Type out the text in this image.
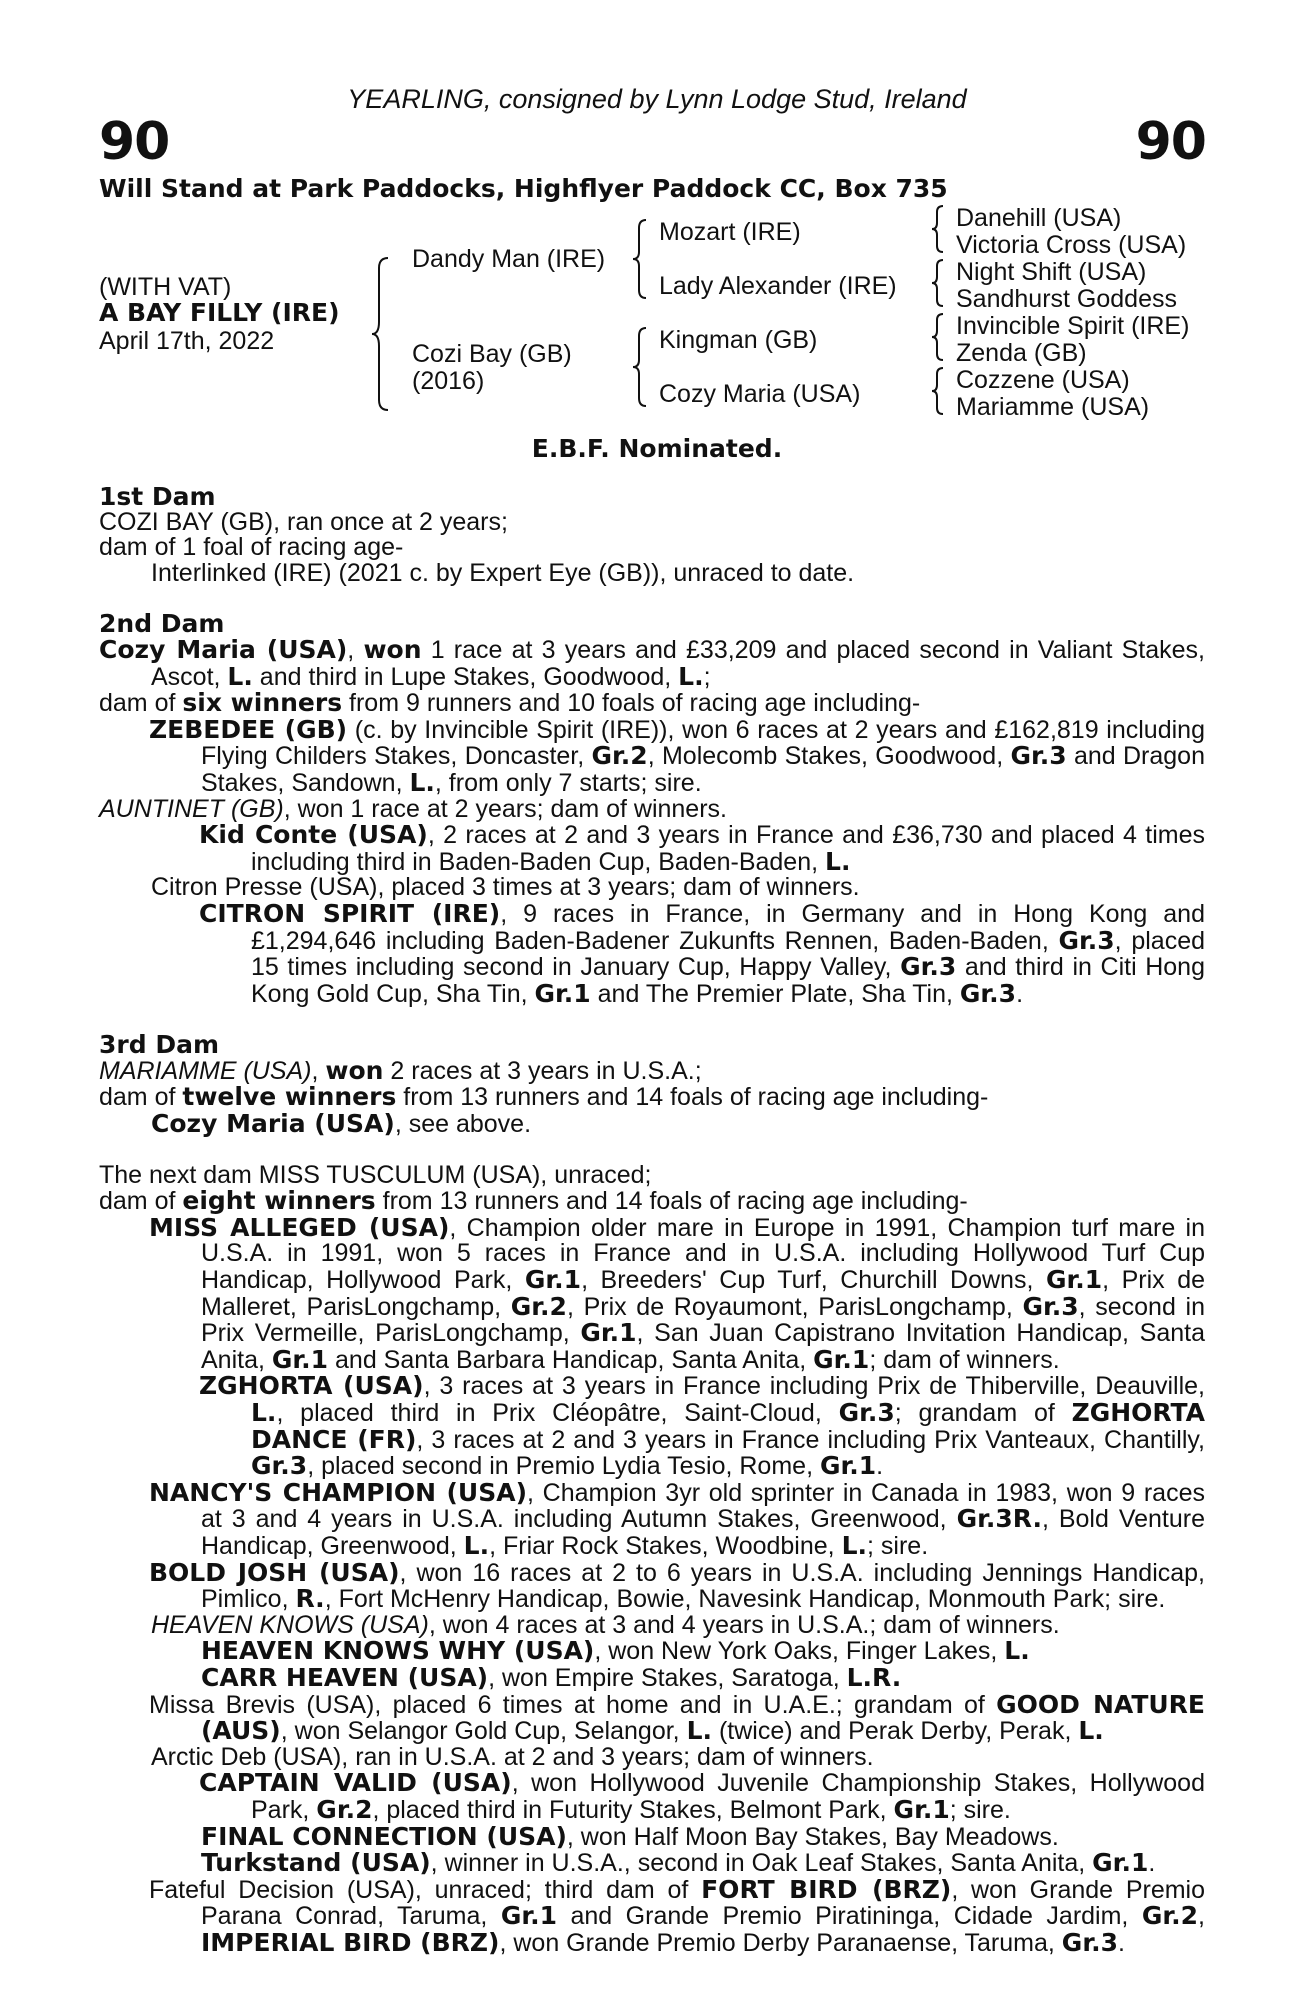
YEARLING, consigned by Lynn Lodge Stud, Ireland
90	90
Will Stand at Park Paddocks, Highflyer Paddock CC, Box 735
(WITH VAT)
A BAY FILLY (IRE)
April 17th, 2022
Dandy Man (IRE)
Cozi Bay (GB)
(2016)
Mozart (IRE)
Lady Alexander (IRE)
Kingman (GB)
Cozy Maria (USA)
Danehill (USA)
Victoria Cross (USA)
Night Shift (USA)
Sandhurst Goddess
Invincible Spirit (IRE)
Zenda (GB)
Cozzene (USA)
Mariamme (USA)
E.B.F. Nominated.
1st Dam
COZI BAY (GB), ran once at 2 years;
dam of 1 foal of racing age-
Interlinked (IRE) (2021 c. by Expert Eye (GB)), unraced to date.
2nd Dam
Cozy Maria (USA), won 1 race at 3 years and £33,209 and placed second in Valiant Stakes, Ascot, L. and third in Lupe Stakes, Goodwood, L.;
dam of six winners from 9 runners and 10 foals of racing age including-
ZEBEDEE (GB) (c. by Invincible Spirit (IRE)), won 6 races at 2 years and £162,819 including Flying Childers Stakes, Doncaster, Gr.2, Molecomb Stakes, Goodwood, Gr.3 and Dragon Stakes, Sandown, L., from only 7 starts; sire.
AUNTINET (GB), won 1 race at 2 years; dam of winners.
Kid Conte (USA), 2 races at 2 and 3 years in France and £36,730 and placed 4 times including third in Baden-Baden Cup, Baden-Baden, L.
Citron Presse (USA), placed 3 times at 3 years; dam of winners.
CITRON SPIRIT (IRE), 9 races in France, in Germany and in Hong Kong and £1,294,646 including Baden-Badener Zukunfts Rennen, Baden-Baden, Gr.3, placed 15 times including second in January Cup, Happy Valley, Gr.3 and third in Citi Hong Kong Gold Cup, Sha Tin, Gr.1 and The Premier Plate, Sha Tin, Gr.3.
3rd Dam
MARIAMME (USA), won 2 races at 3 years in U.S.A.;
dam of twelve winners from 13 runners and 14 foals of racing age including-
Cozy Maria (USA), see above.
The next dam MISS TUSCULUM (USA), unraced;
dam of eight winners from 13 runners and 14 foals of racing age including-
MISS ALLEGED (USA), Champion older mare in Europe in 1991, Champion turf mare in U.S.A. in 1991, won 5 races in France and in U.S.A. including Hollywood Turf Cup Handicap, Hollywood Park, Gr.1, Breeders' Cup Turf, Churchill Downs, Gr.1, Prix de Malleret, ParisLongchamp, Gr.2, Prix de Royaumont, ParisLongchamp, Gr.3, second in Prix Vermeille, ParisLongchamp, Gr.1, San Juan Capistrano Invitation Handicap, Santa Anita, Gr.1 and Santa Barbara Handicap, Santa Anita, Gr.1; dam of winners.
ZGHORTA (USA), 3 races at 3 years in France including Prix de Thiberville, Deauville, L., placed third in Prix Cléopâtre, Saint-Cloud, Gr.3; grandam of ZGHORTA DANCE (FR), 3 races at 2 and 3 years in France including Prix Vanteaux, Chantilly, Gr.3, placed second in Premio Lydia Tesio, Rome, Gr.1.
NANCY'S CHAMPION (USA), Champion 3yr old sprinter in Canada in 1983, won 9 races at 3 and 4 years in U.S.A. including Autumn Stakes, Greenwood, Gr.3R., Bold Venture Handicap, Greenwood, L., Friar Rock Stakes, Woodbine, L.; sire.
BOLD JOSH (USA), won 16 races at 2 to 6 years in U.S.A. including Jennings Handicap, Pimlico, R., Fort McHenry Handicap, Bowie, Navesink Handicap, Monmouth Park; sire.
HEAVEN KNOWS (USA), won 4 races at 3 and 4 years in U.S.A.; dam of winners.
HEAVEN KNOWS WHY (USA), won New York Oaks, Finger Lakes, L.
CARR HEAVEN (USA), won Empire Stakes, Saratoga, L.R.
Missa Brevis (USA), placed 6 times at home and in U.A.E.; grandam of GOOD NATURE (AUS), won Selangor Gold Cup, Selangor, L. (twice) and Perak Derby, Perak, L.
Arctic Deb (USA), ran in U.S.A. at 2 and 3 years; dam of winners.
CAPTAIN VALID (USA), won Hollywood Juvenile Championship Stakes, Hollywood Park, Gr.2, placed third in Futurity Stakes, Belmont Park, Gr.1; sire.
FINAL CONNECTION (USA), won Half Moon Bay Stakes, Bay Meadows.
Turkstand (USA), winner in U.S.A., second in Oak Leaf Stakes, Santa Anita, Gr.1.
Fateful Decision (USA), unraced; third dam of FORT BIRD (BRZ), won Grande Premio Parana Conrad, Taruma, Gr.1 and Grande Premio Piratininga, Cidade Jardim, Gr.2, IMPERIAL BIRD (BRZ), won Grande Premio Derby Paranaense, Taruma, Gr.3.
